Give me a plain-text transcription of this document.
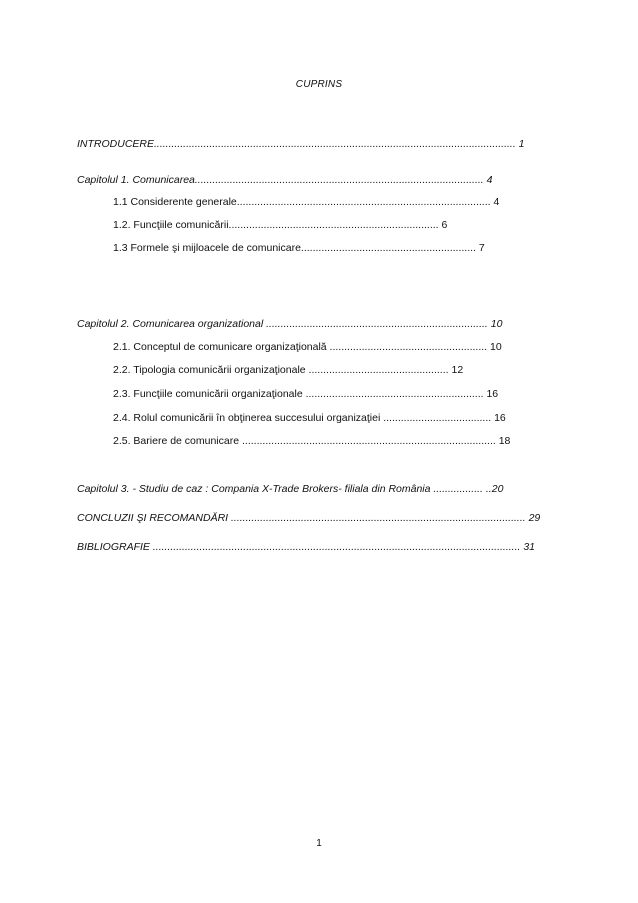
CUPRINS
INTRODUCERE............................................................................................................................ 1
Capitolul 1. Comunicarea................................................................................................... 4
1.1 Considerente generale....................................................................................... 4
1.2. Funcţiile comunicării........................................................................ 6
1.3 Formele şi mijloacele de comunicare............................................................ 7
Capitolul 2. Comunicarea organizational ............................................................................ 10
2.1. Conceptul de comunicare organizaţională ...................................................... 10
2.2. Tipologia comunicării organizaţionale ................................................ 12
2.3. Funcţiile comunicării organizaţionale ............................................................. 16
2.4. Rolul comunicării în obţinerea succesului organizaţiei ..................................... 16
2.5. Bariere de comunicare ....................................................................................... 18
Capitolul 3. - Studiu de caz : Compania X-Trade Brokers- filiala din România ................. ..20
CONCLUZII ŞI RECOMANDĂRI ..................................................................................................... 29
BIBLIOGRAFIE .............................................................................................................................. 31
1
